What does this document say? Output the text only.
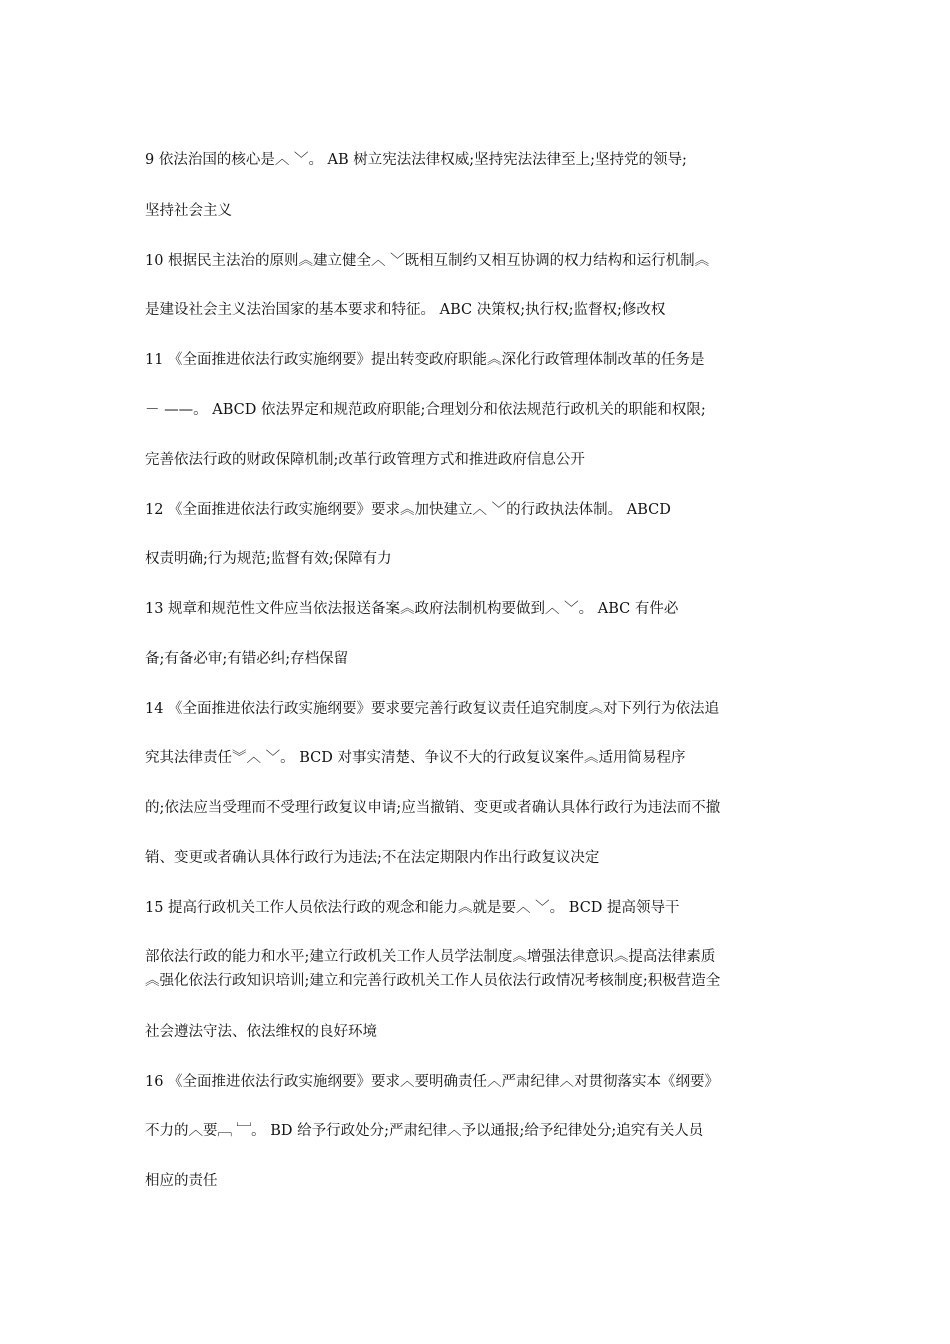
9 依法治国的核心是︿ ﹀。 AB 树立宪法法律权威;坚持宪法法律至上;坚持党的领导;
坚持社会主义
10 根据民主法治的原则︽建立健全︿ ﹀既相互制约又相互协调的权力结构和运行机制︽
是建设社会主义法治国家的基本要求和特征。 ABC 决策权;执行权;监督权;修改权
11 《全面推进依法行政实施纲要》提出转变政府职能︽深化行政管理体制改革的任务是
－ ——。 ABCD 依法界定和规范政府职能;合理划分和依法规范行政机关的职能和权限;
完善依法行政的财政保障机制;改革行政管理方式和推进政府信息公开
12 《全面推进依法行政实施纲要》要求︽加快建立︿ ﹀的行政执法体制。 ABCD
权责明确;行为规范;监督有效;保障有力
13 规章和规范性文件应当依法报送备案︽政府法制机构要做到︿ ﹀。 ABC 有件必
备;有备必审;有错必纠;存档保留
14 《全面推进依法行政实施纲要》要求要完善行政复议责任追究制度︽对下列行为依法追
究其法律责任︾︿ ﹀。 BCD 对事实清楚、争议不大的行政复议案件︽适用简易程序
的;依法应当受理而不受理行政复议申请;应当撤销、变更或者确认具体行政行为违法而不撤
销、变更或者确认具体行政行为违法;不在法定期限内作出行政复议决定
15 提高行政机关工作人员依法行政的观念和能力︽就是要︿ ﹀。 BCD 提高领导干
部依法行政的能力和水平;建立行政机关工作人员学法制度︽增强法律意识︽提高法律素质
︽强化依法行政知识培训;建立和完善行政机关工作人员依法行政情况考核制度;积极营造全
社会遵法守法、依法维权的良好环境
16 《全面推进依法行政实施纲要》要求︿要明确责任︿严肃纪律︿对贯彻落实本《纲要》
不力的︿要﹇ ﹈。 BD 给予行政处分;严肃纪律︿予以通报;给予纪律处分;追究有关人员
相应的责任
